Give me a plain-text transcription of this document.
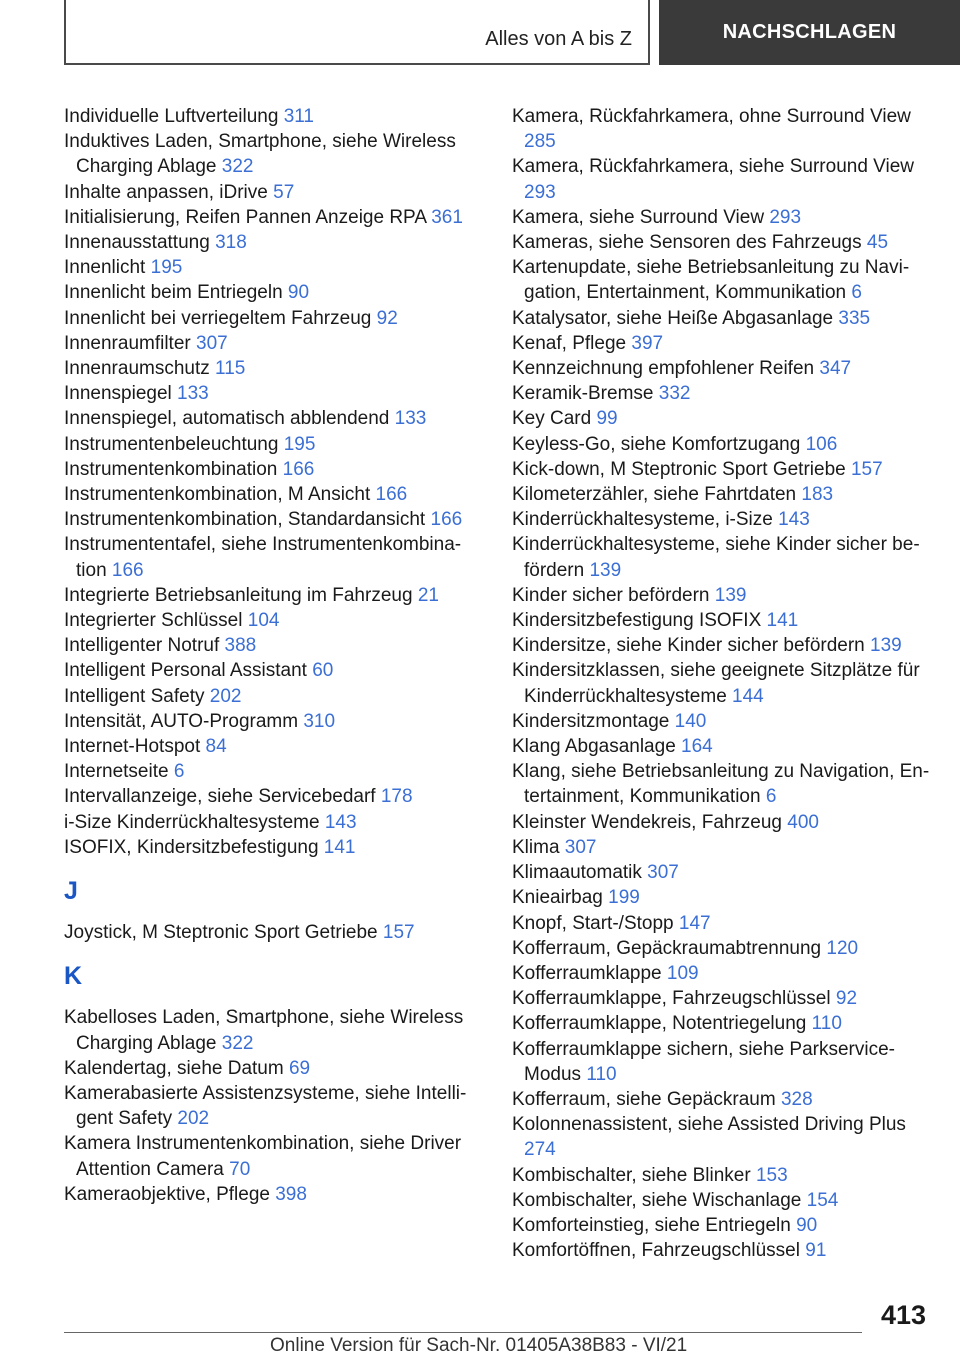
Alles von A bis Z	NACHSCHLAGEN
Individuelle Luftverteilung 311
Induktives Laden, Smartphone, siehe Wireless Charging Ablage 322
Inhalte anpassen, iDrive 57
Initialisierung, Reifen Pannen Anzeige RPA 361
Innenausstattung 318
Innenlicht 195
Innenlicht beim Entriegeln 90
Innenlicht bei verriegeltem Fahrzeug 92
Innenraumfilter 307
Innenraumschutz 115
Innenspiegel 133
Innenspiegel, automatisch abblendend 133
Instrumentenbeleuchtung 195
Instrumentenkombination 166
Instrumentenkombination, M Ansicht 166
Instrumentenkombination, Standardansicht 166
Instrumententafel, siehe Instrumentenkombination 166
Integrierte Betriebsanleitung im Fahrzeug 21
Integrierter Schlüssel 104
Intelligenter Notruf 388
Intelligent Personal Assistant 60
Intelligent Safety 202
Intensität, AUTO-Programm 310
Internet-Hotspot 84
Internetseite 6
Intervallanzeige, siehe Servicebedarf 178
i-Size Kinderrückhaltesysteme 143
ISOFIX, Kindersitzbefestigung 141
J
Joystick, M Steptronic Sport Getriebe 157
K
Kabelloses Laden, Smartphone, siehe Wireless Charging Ablage 322
Kalendertag, siehe Datum 69
Kamerabasierte Assistenzsysteme, siehe Intelligent Safety 202
Kamera Instrumentenkombination, siehe Driver Attention Camera 70
Kameraobjektive, Pflege 398
Kamera, Rückfahrkamera, ohne Surround View 285
Kamera, Rückfahrkamera, siehe Surround View 293
Kamera, siehe Surround View 293
Kameras, siehe Sensoren des Fahrzeugs 45
Kartenupdate, siehe Betriebsanleitung zu Navigation, Entertainment, Kommunikation 6
Katalysator, siehe Heiße Abgasanlage 335
Kenaf, Pflege 397
Kennzeichnung empfohlener Reifen 347
Keramik-Bremse 332
Key Card 99
Keyless-Go, siehe Komfortzugang 106
Kick-down, M Steptronic Sport Getriebe 157
Kilometerzähler, siehe Fahrtdaten 183
Kinderrückhaltesysteme, i-Size 143
Kinderrückhaltesysteme, siehe Kinder sicher befördern 139
Kinder sicher befördern 139
Kindersitzbefestigung ISOFIX 141
Kindersitze, siehe Kinder sicher befördern 139
Kindersitzklassen, siehe geeignete Sitzplätze für Kinderrückhaltesysteme 144
Kindersitzmontage 140
Klang Abgasanlage 164
Klang, siehe Betriebsanleitung zu Navigation, Entertainment, Kommunikation 6
Kleinster Wendekreis, Fahrzeug 400
Klima 307
Klimaautomatik 307
Knieairbag 199
Knopf, Start-/Stopp 147
Kofferraum, Gepäckraumabtrennung 120
Kofferraumklappe 109
Kofferraumklappe, Fahrzeugschlüssel 92
Kofferraumklappe, Notentriegelung 110
Kofferraumklappe sichern, siehe Parkservice-Modus 110
Kofferraum, siehe Gepäckraum 328
Kolonnenassistent, siehe Assisted Driving Plus 274
Kombischalter, siehe Blinker 153
Kombischalter, siehe Wischanlage 154
Komforteinstieg, siehe Entriegeln 90
Komfortöffnen, Fahrzeugschlüssel 91
413
Online Version für Sach-Nr. 01405A38B83 - VI/21
